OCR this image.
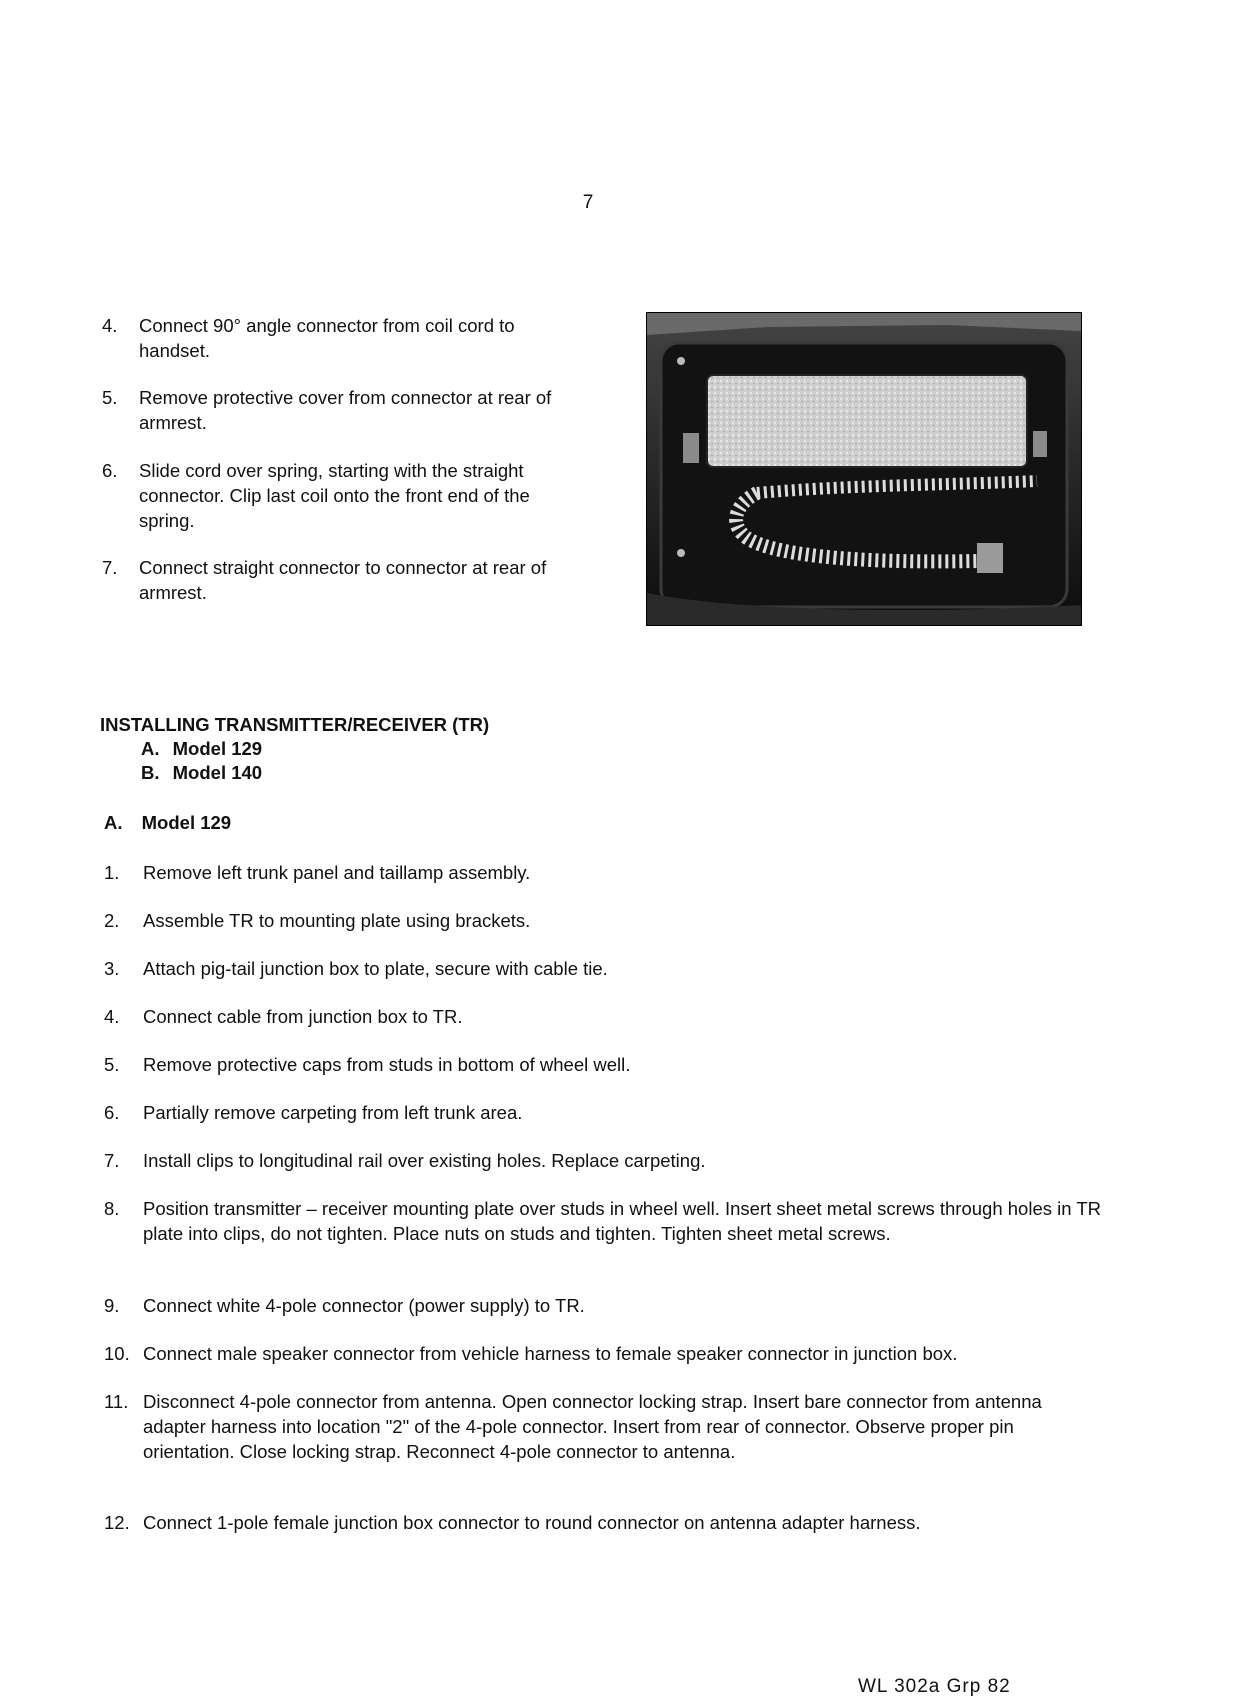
7
4. Connect 90° angle connector from coil cord to handset.
5. Remove protective cover from connector at rear of armrest.
6. Slide cord over spring, starting with the straight connector. Clip last coil onto the front end of the spring.
7. Connect straight connector to connector at rear of armrest.
INSTALLING TRANSMITTER/RECEIVER (TR)
A. Model 129
B. Model 140
A. Model 129
1. Remove left trunk panel and taillamp assembly.
2. Assemble TR to mounting plate using brackets.
3. Attach pig-tail junction box to plate, secure with cable tie.
4. Connect cable from junction box to TR.
5. Remove protective caps from studs in bottom of wheel well.
6. Partially remove carpeting from left trunk area.
7. Install clips to longitudinal rail over existing holes. Replace carpeting.
8. Position transmitter – receiver mounting plate over studs in wheel well. Insert sheet metal screws through holes in TR plate into clips, do not tighten. Place nuts on studs and tighten. Tighten sheet metal screws.
9. Connect white 4-pole connector (power supply) to TR.
10. Connect male speaker connector from vehicle harness to female speaker connector in junction box.
11. Disconnect 4-pole connector from antenna. Open connector locking strap. Insert bare connector from antenna adapter harness into location "2" of the 4-pole connector. Insert from rear of connector. Observe proper pin orientation. Close locking strap. Reconnect 4-pole connector to antenna.
12. Connect 1-pole female junction box connector to round connector on antenna adapter harness.
WL 302a Grp 82
